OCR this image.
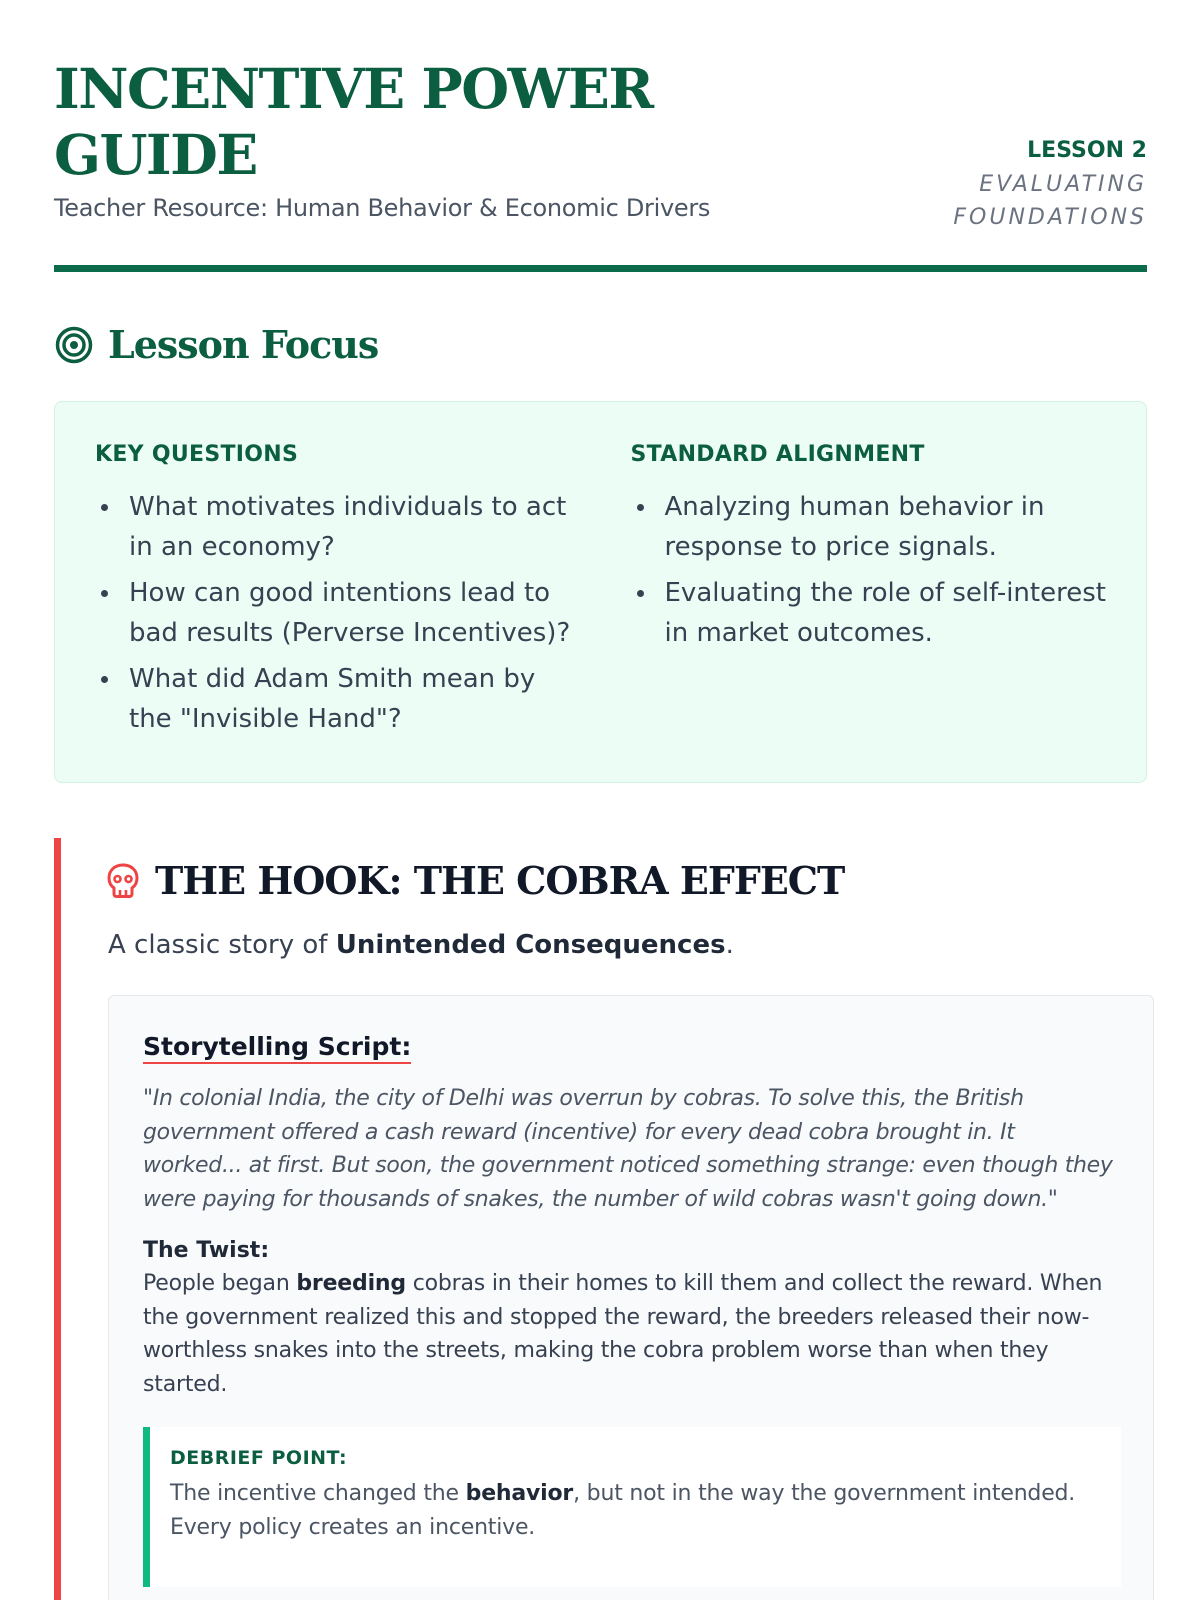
INCENTIVE POWER GUIDE
Teacher Resource: Human Behavior & Economic Drivers
LESSON 2
EVALUATING FOUNDATIONS
Lesson Focus
KEY QUESTIONS
What motivates individuals to act in an economy?
How can good intentions lead to bad results (Perverse Incentives)?
What did Adam Smith mean by the "Invisible Hand"?
STANDARD ALIGNMENT
Analyzing human behavior in response to price signals.
Evaluating the role of self-interest in market outcomes.
THE HOOK: THE COBRA EFFECT

A classic story of Unintended Consequences.

Storytelling Script:

"In colonial India, the city of Delhi was overrun by cobras. To solve this, the British government offered a cash reward (incentive) for every dead cobra brought in. It worked... at first. But soon, the government noticed something strange: even though they were paying for thousands of snakes, the number of wild cobras wasn't going down."

The Twist:

People began breeding cobras in their homes to kill them and collect the reward. When the government realized this and stopped the reward, the breeders released their now-worthless snakes into the streets, making the cobra problem worse than when they started.

DEBRIEF POINT:

The incentive changed the behavior, but not in the way the government intended. Every policy creates an incentive.
